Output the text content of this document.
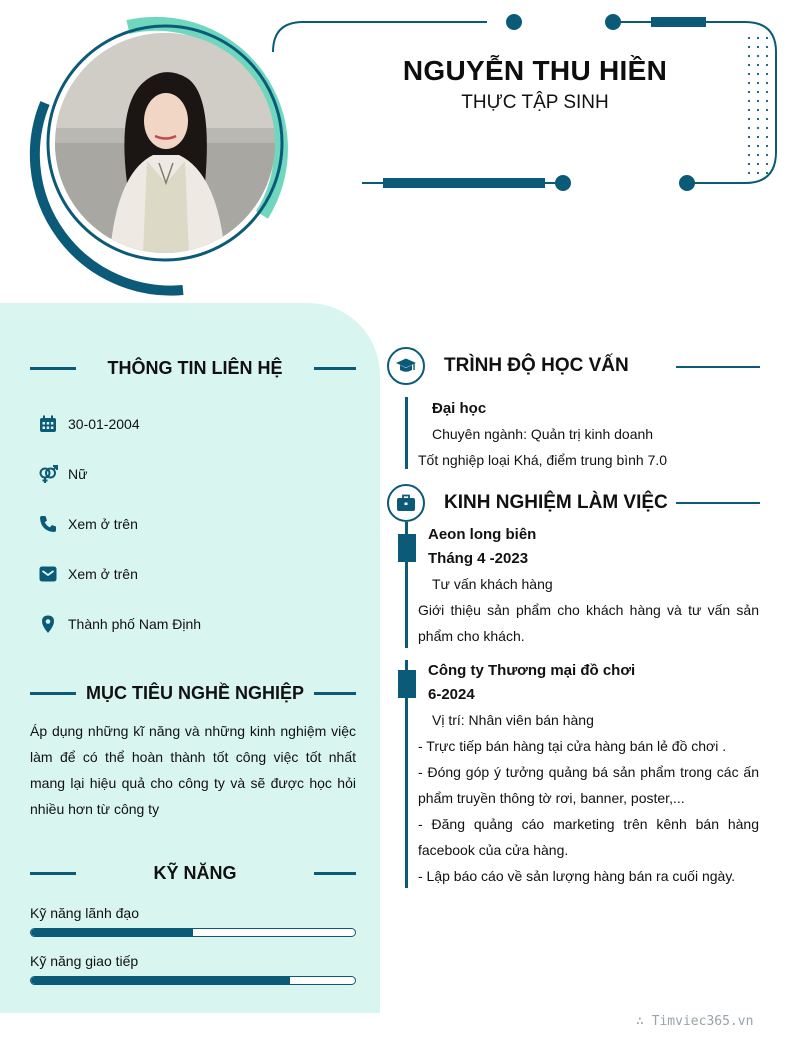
NGUYỄN THU HIỀN
THỰC TẬP SINH
THÔNG TIN LIÊN HỆ
30-01-2004
Nữ
Xem ở trên
Xem ở trên
Thành phố Nam Định
MỤC TIÊU NGHỀ NGHIỆP
Áp dụng những kĩ năng và những kinh nghiệm việc làm để có thể hoàn thành tốt công việc tốt nhất mang lại hiệu quả cho công ty và sẽ được học hỏi nhiều hơn từ công ty
KỸ NĂNG
Kỹ năng lãnh đạo
Kỹ năng giao tiếp
TRÌNH ĐỘ HỌC VẤN
Đại học
Chuyên ngành: Quản trị kinh doanh
Tốt nghiệp loại Khá, điểm trung bình 7.0
KINH NGHIỆM LÀM VIỆC
Aeon long biên
Tháng 4 -2023
Tư vấn khách hàng
Giới thiệu sản phẩm cho khách hàng và tư vấn sản phẩm cho khách.
Công ty Thương mại đồ chơi
6-2024
Vị trí: Nhân viên bán hàng
- Trực tiếp bán hàng tại cửa hàng bán lẻ đồ chơi .
- Đóng góp ý tưởng quảng bá sản phẩm trong các ấn phẩm truyền thông tờ rơi, banner, poster,...
- Đăng quảng cáo marketing trên kênh bán hàng facebook của cửa hàng.
- Lập báo cáo về sản lượng hàng bán ra cuối ngày.
∴ Timviec365.vn
